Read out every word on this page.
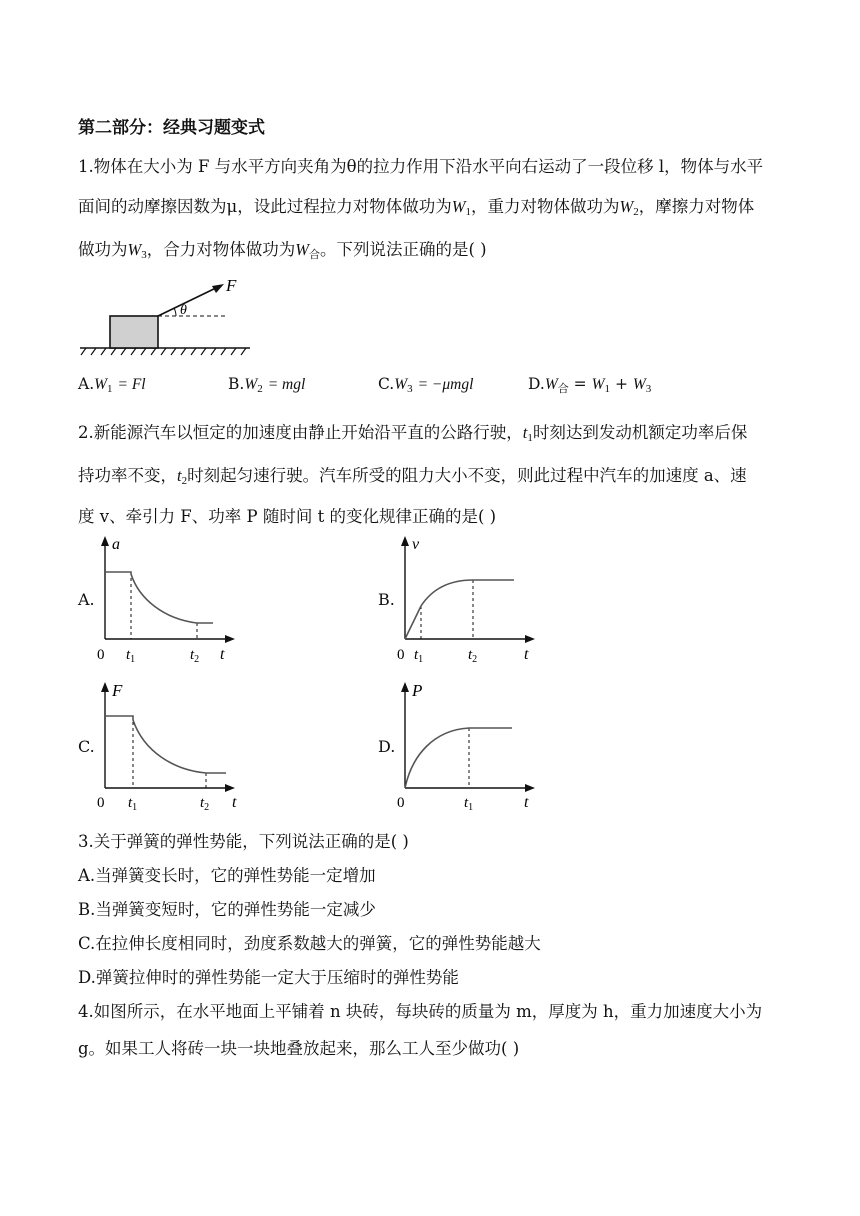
第二部分：经典习题变式
1.物体在大小为 F 与水平方向夹角为θ的拉力作用下沿水平向右运动了一段位移 l，物体与水平
面间的动摩擦因数为μ，设此过程拉力对物体做功为$W_1$，重力对物体做功为$W_2$，摩擦力对物体
做功为$W_3$，合力对物体做功为$W_合$。下列说法正确的是( )
θ
F
$A.W_1 = Fl$	$B.W_2$ = mgl	$C.W_3 = -\mu mgl$	$D.W_合 = W_1 + W_3$
2.新能源汽车以恒定的加速度由静止开始沿平直的公路行驶，$t_1$时刻达到发动机额定功率后保
持功率不变，$t_2$时刻起匀速行驶。汽车所受的阻力大小不变，则此过程中汽车的加速度 a、速
度 v、牵引力 F、功率 P 随时间 t 的变化规律正确的是( )
A.
a
0	t
$t_1$	$t_2$
B.
v
0	t
$t_1$	$t_2$
C.
F
0	t
$t_1$	$t_2$
D.
P
0	t
$t_1$
3.关于弹簧的弹性势能，下列说法正确的是( )
A.当弹簧变长时，它的弹性势能一定增加
B.当弹簧变短时，它的弹性势能一定减少
C.在拉伸长度相同时，劲度系数越大的弹簧，它的弹性势能越大
D.弹簧拉伸时的弹性势能一定大于压缩时的弹性势能
4.如图所示，在水平地面上平铺着 n 块砖，每块砖的质量为 m，厚度为 h，重力加速度大小为
g。如果工人将砖一块一块地叠放起来，那么工人至少做功( )
